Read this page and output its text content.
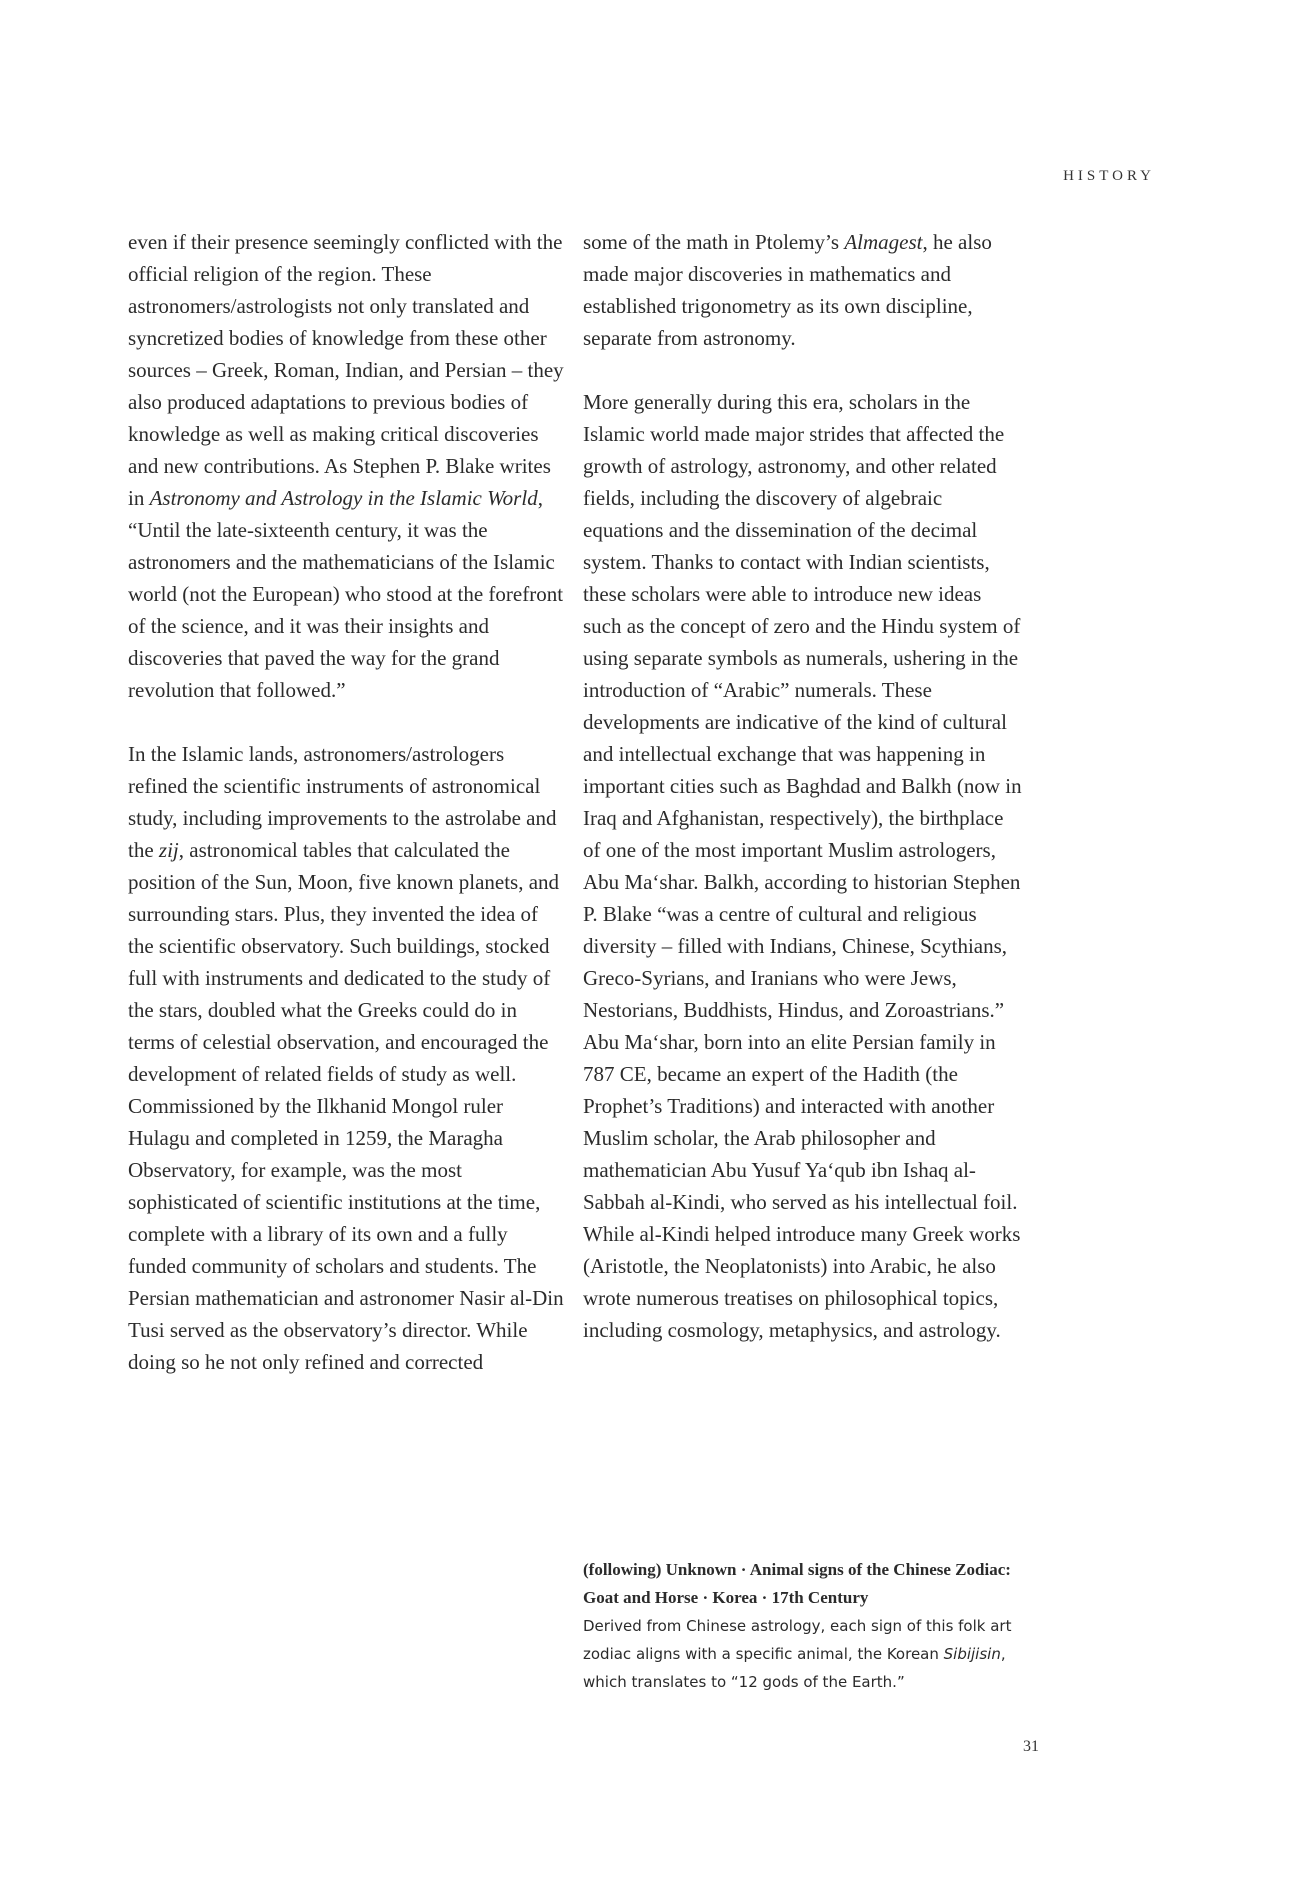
HISTORY

even if their presence seemingly conflicted with the official religion of the region. These astronomers/astrologists not only translated and syncretized bodies of knowledge from these other sources – Greek, Roman, Indian, and Persian – they also produced adaptations to previous bodies of knowledge as well as making critical discoveries and new contributions. As Stephen P. Blake writes in Astronomy and Astrology in the Islamic World, “Until the late-sixteenth century, it was the astronomers and the mathematicians of the Islamic world (not the European) who stood at the forefront of the science, and it was their insights and discoveries that paved the way for the grand revolution that followed.”

In the Islamic lands, astronomers/astrologers refined the scientific instruments of astronomical study, including improvements to the astrolabe and the zij, astronomical tables that calculated the position of the Sun, Moon, five known planets, and surrounding stars. Plus, they invented the idea of the scientific observatory. Such buildings, stocked full with instruments and dedicated to the study of the stars, doubled what the Greeks could do in terms of celestial observation, and encouraged the development of related fields of study as well. Commissioned by the Ilkhanid Mongol ruler Hulagu and completed in 1259, the Maragha Observatory, for example, was the most sophisticated of scientific institutions at the time, complete with a library of its own and a fully funded community of scholars and students. The Persian mathematician and astronomer Nasir al-Din Tusi served as the observatory’s director. While doing so he not only refined and corrected

some of the math in Ptolemy’s Almagest, he also made major discoveries in mathematics and established trigonometry as its own discipline, separate from astronomy.

More generally during this era, scholars in the Islamic world made major strides that affected the growth of astrology, astronomy, and other related fields, including the discovery of algebraic equations and the dissemination of the decimal system. Thanks to contact with Indian scientists, these scholars were able to introduce new ideas such as the concept of zero and the Hindu system of using separate symbols as numerals, ushering in the introduction of “Arabic” numerals. These developments are indicative of the kind of cultural and intellectual exchange that was happening in important cities such as Baghdad and Balkh (now in Iraq and Afghanistan, respectively), the birthplace of one of the most important Muslim astrologers, Abu Ma‘shar. Balkh, according to historian Stephen P. Blake “was a centre of cultural and religious diversity – filled with Indians, Chinese, Scythians, Greco-Syrians, and Iranians who were Jews, Nestorians, Buddhists, Hindus, and Zoroastrians.” Abu Ma‘shar, born into an elite Persian family in 787 CE, became an expert of the Hadith (the Prophet’s Traditions) and interacted with another Muslim scholar, the Arab philosopher and mathematician Abu Yusuf Ya‘qub ibn Ishaq al-Sabbah al-Kindi, who served as his intellectual foil. While al-Kindi helped introduce many Greek works (Aristotle, the Neoplatonists) into Arabic, he also wrote numerous treatises on philosophical topics, including cosmology, metaphysics, and astrology.

(following) Unknown · Animal signs of the Chinese Zodiac: Goat and Horse · Korea · 17th Century
Derived from Chinese astrology, each sign of this folk art zodiac aligns with a specific animal, the Korean Sibijisin, which translates to “12 gods of the Earth.”
31
